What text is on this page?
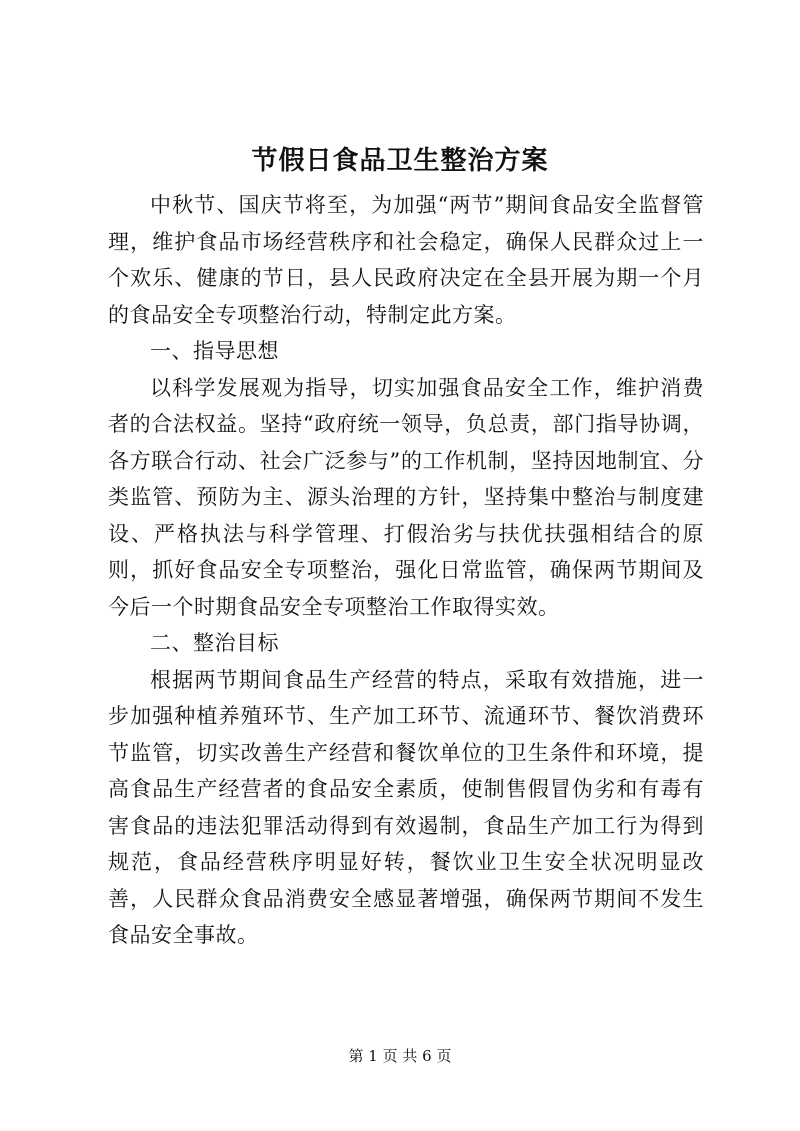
节假日食品卫生整治方案

中秋节、国庆节将至，为加强“两节”期间食品安全监督管理，维护食品市场经营秩序和社会稳定，确保人民群众过上一个欢乐、健康的节日，县人民政府决定在全县开展为期一个月的食品安全专项整治行动，特制定此方案。

一、指导思想

以科学发展观为指导，切实加强食品安全工作，维护消费者的合法权益。坚持“政府统一领导，负总责，部门指导协调，各方联合行动、社会广泛参与”的工作机制，坚持因地制宜、分类监管、预防为主、源头治理的方针，坚持集中整治与制度建设、严格执法与科学管理、打假治劣与扶优扶强相结合的原则，抓好食品安全专项整治，强化日常监管，确保两节期间及今后一个时期食品安全专项整治工作取得实效。

二、整治目标

根据两节期间食品生产经营的特点，采取有效措施，进一步加强种植养殖环节、生产加工环节、流通环节、餐饮消费环节监管，切实改善生产经营和餐饮单位的卫生条件和环境，提高食品生产经营者的食品安全素质，使制售假冒伪劣和有毒有害食品的违法犯罪活动得到有效遏制，食品生产加工行为得到规范，食品经营秩序明显好转，餐饮业卫生安全状况明显改善，人民群众食品消费安全感显著增强，确保两节期间不发生食品安全事故。

第 1 页 共 6 页
